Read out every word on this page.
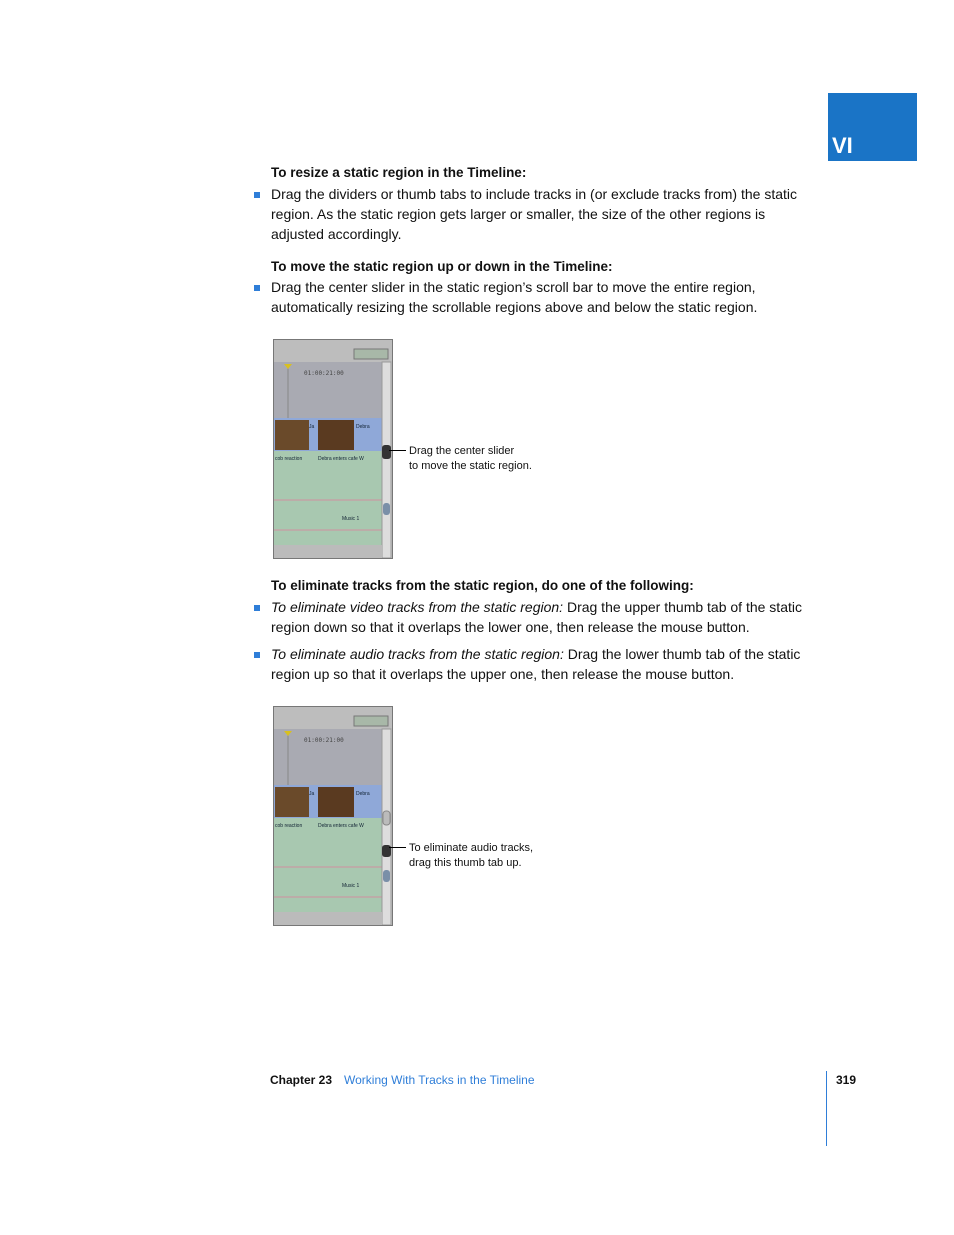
VI
To resize a static region in the Timeline:
Drag the dividers or thumb tabs to include tracks in (or exclude tracks from) the static region. As the static region gets larger or smaller, the size of the other regions is adjusted accordingly.
To move the static region up or down in the Timeline:
Drag the center slider in the static region’s scroll bar to move the entire region, automatically resizing the scrollable regions above and below the static region.
01:00:21:00
Ja	Debra
cob reaction	Debra enters cafe W
Music 1
Drag the center slider
to move the static region.
To eliminate tracks from the static region, do one of the following:
To eliminate video tracks from the static region: Drag the upper thumb tab of the static region down so that it overlaps the lower one, then release the mouse button.
To eliminate audio tracks from the static region: Drag the lower thumb tab of the static region up so that it overlaps the upper one, then release the mouse button.
01:00:21:00
Ja	Debra
cob reaction	Debra enters cafe W
Music 1
To eliminate audio tracks,
drag this thumb tab up.
Chapter 23 Working With Tracks in the Timeline	319
